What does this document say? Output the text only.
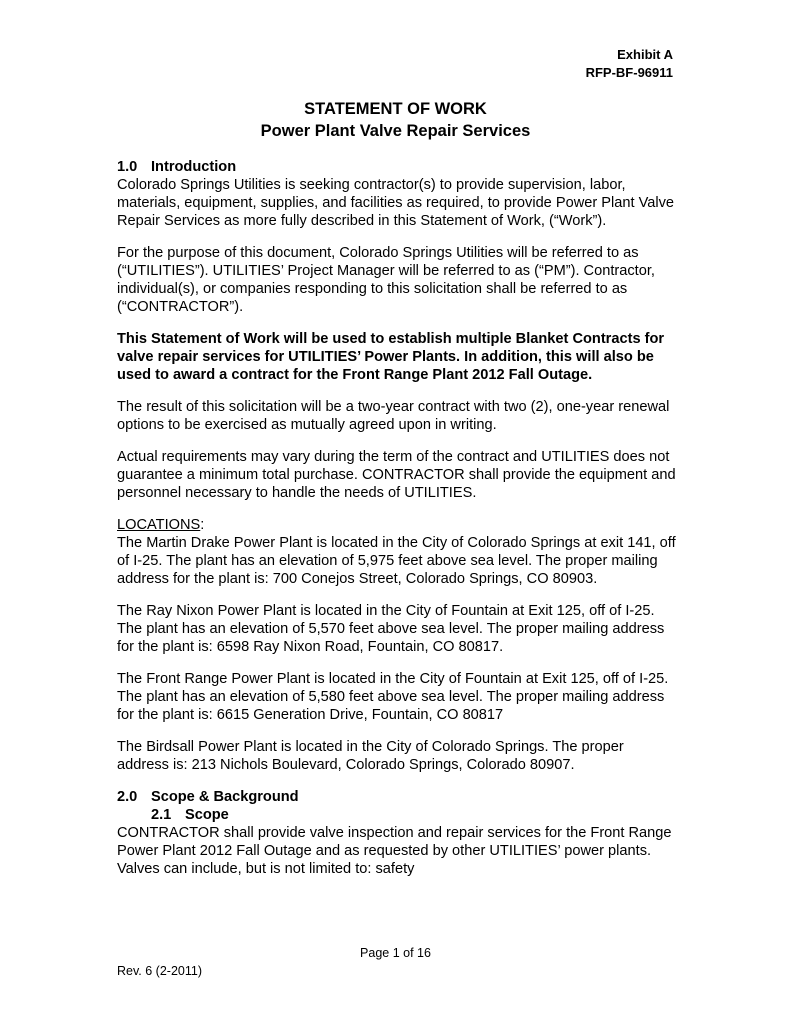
Exhibit A
RFP-BF-96911
STATEMENT OF WORK
Power Plant Valve Repair Services
1.0 Introduction

Colorado Springs Utilities is seeking contractor(s) to provide supervision, labor, materials, equipment, supplies, and facilities as required, to provide Power Plant Valve Repair Services as more fully described in this Statement of Work, (“Work”).

For the purpose of this document, Colorado Springs Utilities will be referred to as (“UTILITIES”). UTILITIES’ Project Manager will be referred to as (“PM”). Contractor, individual(s), or companies responding to this solicitation shall be referred to as (“CONTRACTOR”).

This Statement of Work will be used to establish multiple Blanket Contracts for valve repair services for UTILITIES’ Power Plants. In addition, this will also be used to award a contract for the Front Range Plant 2012 Fall Outage.

The result of this solicitation will be a two-year contract with two (2), one-year renewal options to be exercised as mutually agreed upon in writing.

Actual requirements may vary during the term of the contract and UTILITIES does not guarantee a minimum total purchase. CONTRACTOR shall provide the equipment and personnel necessary to handle the needs of UTILITIES.

LOCATIONS:

The Martin Drake Power Plant is located in the City of Colorado Springs at exit 141, off of I-25. The plant has an elevation of 5,975 feet above sea level. The proper mailing address for the plant is: 700 Conejos Street, Colorado Springs, CO 80903.

The Ray Nixon Power Plant is located in the City of Fountain at Exit 125, off of I-25. The plant has an elevation of 5,570 feet above sea level. The proper mailing address for the plant is: 6598 Ray Nixon Road, Fountain, CO 80817.

The Front Range Power Plant is located in the City of Fountain at Exit 125, off of I-25. The plant has an elevation of 5,580 feet above sea level. The proper mailing address for the plant is: 6615 Generation Drive, Fountain, CO 80817

The Birdsall Power Plant is located in the City of Colorado Springs. The proper address is: 213 Nichols Boulevard, Colorado Springs, Colorado 80907.

2.0 Scope & Background
2.1 Scope

CONTRACTOR shall provide valve inspection and repair services for the Front Range Power Plant 2012 Fall Outage and as requested by other UTILITIES’ power plants. Valves can include, but is not limited to: safety

Page 1 of 16
Rev. 6 (2-2011)
